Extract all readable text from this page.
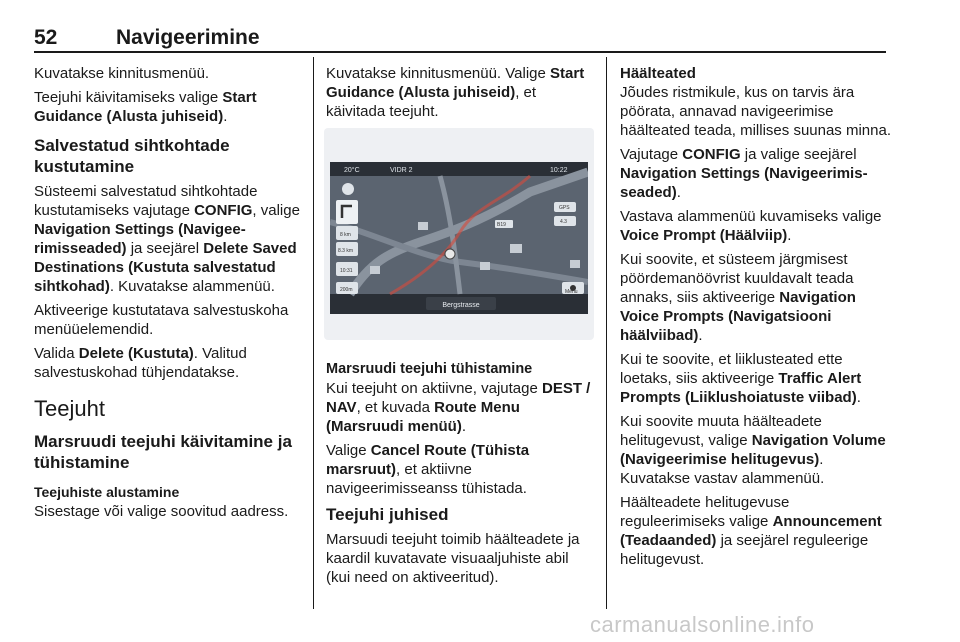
52	Navigeerimine

Kuvatakse kinnitusmenüü.

Teejuhi käivitamiseks valige Start Guidance (Alusta juhiseid).

Salvestatud sihtkohtade kustutamine

Süsteemi salvestatud sihtkohtade kustutamiseks vajutage CONFIG, valige Navigation Settings (Navigeerimisseaded) ja seejärel Delete Saved Destinations (Kustuta salvestatud sihtkohad). Kuvatakse alammenüü.

Aktiveerige kustutatava salvestuskoha menüüelemendid.

Valida Delete (Kustuta). Valitud salvestuskohad tühjendatakse.

Teejuht
Marsruudi teejuhi käivitamine ja tühistamine
Teejuhiste alustamine

Sisestage või valige soovitud aadress.

Kuvatakse kinnitusmenüü. Valige Start Guidance (Alusta juhiseid), et käivitada teejuht.

Bergstrasse
20°C	VIDR 2	10:22
8 km
8.3 km
10:31
200m
GPS
4.3
B19
Menu
Marsruudi teejuhi tühistamine

Kui teejuht on aktiivne, vajutage DEST / NAV, et kuvada Route Menu (Marsruudi menüü).

Valige Cancel Route (Tühista marsruut), et aktiivne navigeerimisseanss tühistada.

Teejuhi juhised

Marsuudi teejuht toimib häälteadete ja kaardil kuvatavate visuaaljuhiste abil (kui need on aktiveeritud).

Häälteated

Jõudes ristmikule, kus on tarvis ära pöörata, annavad navigeerimise häälteated teada, millises suunas minna.

Vajutage CONFIG ja valige seejärel Navigation Settings (Navigeerimisseaded).

Vastava alammenüü kuvamiseks valige Voice Prompt (Häälviip).

Kui soovite, et süsteem järgmisest pöördemanöövrist kuuldavalt teada annaks, siis aktiveerige Navigation Voice Prompts (Navigatsiooni häälviibad).

Kui te soovite, et liiklusteated ette loetaks, siis aktiveerige Traffic Alert Prompts (Liiklushoiatuste viibad).

Kui soovite muuta häälteadete helitugevust, valige Navigation Volume (Navigeerimise helitugevus). Kuvatakse vastav alammenüü.

Häälteadete helitugevuse reguleerimiseks valige Announcement (Teadaanded) ja seejärel reguleerige helitugevust.

carmanualsonline.info
